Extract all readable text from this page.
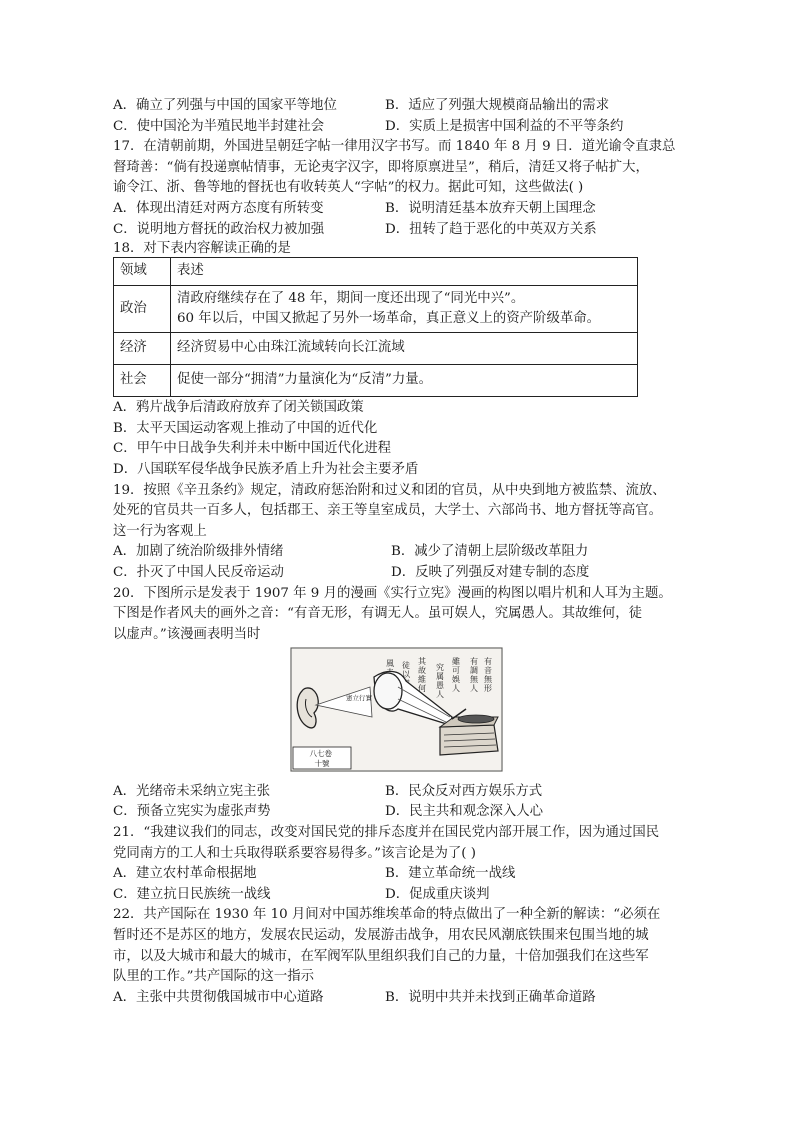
A．确立了列强与中国的国家平等地位	B．适应了列强大规模商品输出的需求
C．使中国沦为半殖民地半封建社会	D．实质上是损害中国利益的不平等条约
17．在清朝前期，外国进呈朝廷字帖一律用汉字书写。而 1840 年 8 月 9 日．道光谕令直隶总
督琦善：“倘有投递禀帖情事，无论夷字汉字，即将原禀进呈”，稍后，清廷又将子帖扩大，
谕令江、浙、鲁等地的督抚也有收转英人“字帖”的权力。据此可知，这些做法( )
A．体现出清廷对两方态度有所转变	B．说明清廷基本放弃天朝上国理念
C．说明地方督抚的政治权力被加强	D．扭转了趋于恶化的中英双方关系
18．对下表内容解读正确的是
领域	表述
政治	清政府继续存在了 48 年，期间一度还出现了“同光中兴”。
60 年以后，中国又掀起了另外一场革命，真正意义上的资产阶级革命。

经济	经济贸易中心由珠江流域转向长江流域
社会	促使一部分“拥清”力量演化为“反清”力量。
A．鸦片战争后清政府放弃了闭关锁国政策
B．太平天国运动客观上推动了中国的近代化
C．甲午中日战争失利并未中断中国近代化进程
D．八国联军侵华战争民族矛盾上升为社会主要矛盾
19．按照《辛丑条约》规定，清政府惩治附和过义和团的官员，从中央到地方被监禁、流放、
处死的官员共一百多人，包括郡王、亲王等皇室成员，大学士、六部尚书、地方督抚等高官。
这一行为客观上
A．加剧了统治阶级排外情绪	B．减少了清朝上层阶级改革阻力
C．扑灭了中国人民反帝运动	D．反映了列强反对建专制的态度
20．下图所示是发表于 1907 年 9 月的漫画《实行立宪》漫画的构图以唱片机和人耳为主题。
下图是作者风夫的画外之音：“有音无形，有调无人。虽可娱人，究属愚人。其故维何，徒
以虚声。”该漫画表明当时
有音無形
有調無人
雖可娛人
究属愚人
其故維何
徒以
風
憲立行實
八七卷 十號
A．光绪帝未采纳立宪主张	B．民众反对西方娱乐方式
C．预备立宪实为虚张声势	D．民主共和观念深入人心
21．“我建议我们的同志，改变对国民党的排斥态度并在国民党内部开展工作，因为通过国民
党同南方的工人和士兵取得联系要容易得多。”该言论是为了( )
A．建立农村革命根据地	B．建立革命统一战线
C．建立抗日民族统一战线	D．促成重庆谈判
22．共产国际在 1930 年 10 月间对中国苏维埃革命的特点做出了一种全新的解读：“必须在
暂时还不是苏区的地方，发展农民运动，发展游击战争，用农民风潮底铁围来包围当地的城
市，以及大城市和最大的城市，在军阀军队里组织我们自己的力量，十倍加强我们在这些军
队里的工作。”共产国际的这一指示
A．主张中共贯彻俄国城市中心道路	B．说明中共并未找到正确革命道路
